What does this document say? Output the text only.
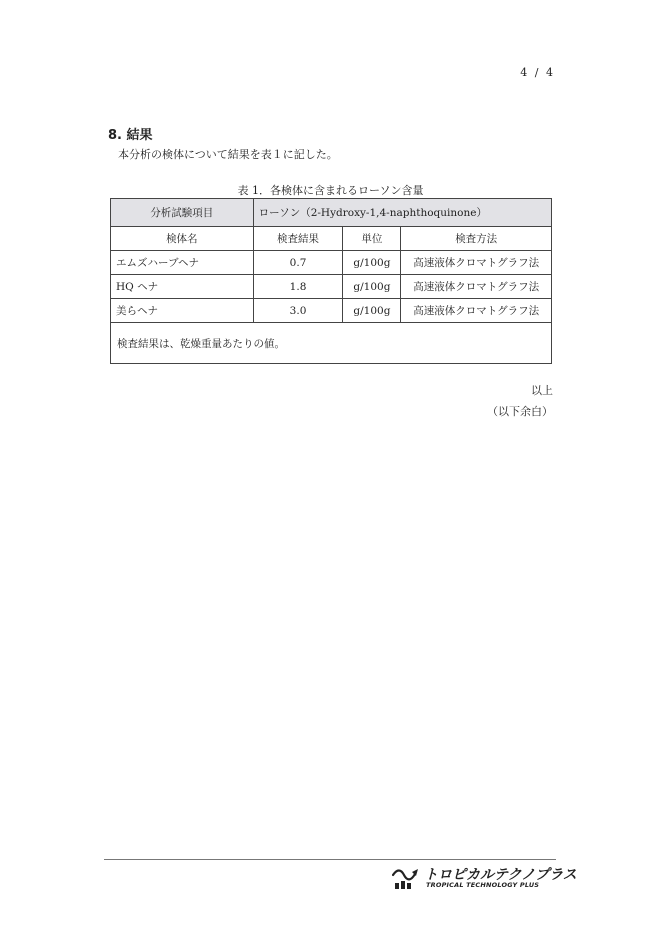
4 / 4
8. 結果
本分析の検体について結果を表１に記した。
表 1．各検体に含まれるローソン含量
分析試験項目	ローソン（2-Hydroxy-1,4-naphthoquinone）		
検体名	検査結果	単位	検査方法
エムズハーブヘナ	0.7	g/100g	高速液体クロマトグラフ法
HQ ヘナ	1.8	g/100g	高速液体クロマトグラフ法
美らヘナ	3.0	g/100g	高速液体クロマトグラフ法
検査結果は、乾燥重量あたりの値。			
以上
（以下余白）
トロピカルテクノプラス
TROPICAL TECHNOLOGY PLUS
